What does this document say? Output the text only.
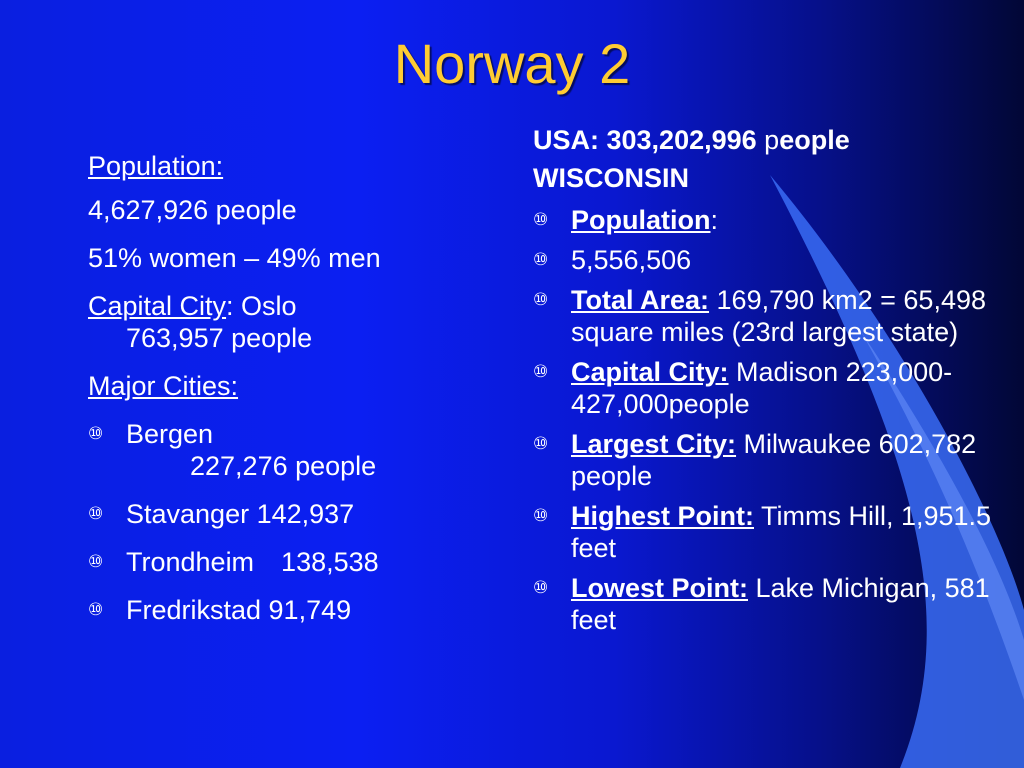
Norway 2

Population:

4,627,926 people

51% women – 49% men

Capital City: Oslo

763,957 people

Major Cities:

⑩ Bergen
227,276 people
⑩ Stavanger 142,937
⑩ Trondheim 138,538
⑩ Fredrikstad 91,749

USA: 303,202,996 people

WISCONSIN

⑩ Population:
⑩ 5,556,506
⑩ Total Area: 169,790 km2 = 65,498 square miles (23rd largest state)
⑩ Capital City: Madison 223,000-427,000people
⑩ Largest City: Milwaukee 602,782 people
⑩ Highest Point: Timms Hill, 1,951.5 feet
⑩ Lowest Point: Lake Michigan, 581 feet
